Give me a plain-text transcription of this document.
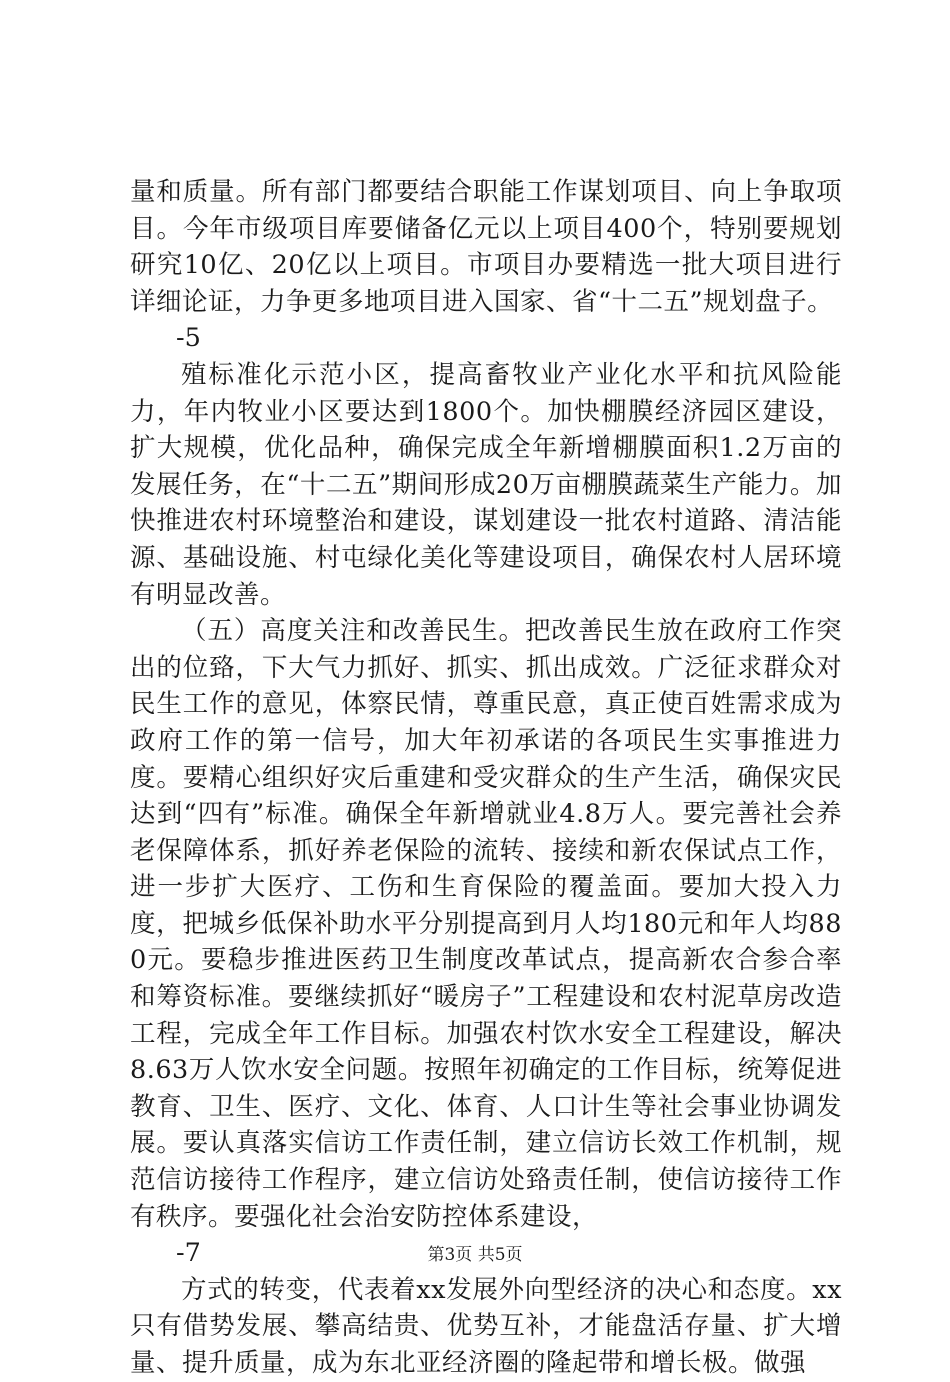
量和质量。所有部门都要结合职能工作谋划项目、向上争取项目。今年市级项目库要储备亿元以上项目400个，特别要规划研究10亿、20亿以上项目。市项目办要精选一批大项目进行详细论证，力争更多地项目进入国家、省“十二五”规划盘子。

-5

殖标准化示范小区，提高畜牧业产业化水平和抗风险能力，年内牧业小区要达到1800个。加快棚膜经济园区建设，扩大规模，优化品种，确保完成全年新增棚膜面积1.2万亩的发展任务，在“十二五”期间形成20万亩棚膜蔬菜生产能力。加快推进农村环境整治和建设，谋划建设一批农村道路、清洁能源、基础设施、村屯绿化美化等建设项目，确保农村人居环境有明显改善。

（五）高度关注和改善民生。把改善民生放在政府工作突出的位臵，下大气力抓好、抓实、抓出成效。广泛征求群众对民生工作的意见，体察民情，尊重民意，真正使百姓需求成为政府工作的第一信号，加大年初承诺的各项民生实事推进力度。要精心组织好灾后重建和受灾群众的生产生活，确保灾民达到“四有”标准。确保全年新增就业4.8万人。要完善社会养老保障体系，抓好养老保险的流转、接续和新农保试点工作，进一步扩大医疗、工伤和生育保险的覆盖面。要加大投入力度，把城乡低保补助水平分别提高到月人均180元和年人均880元。要稳步推进医药卫生制度改革试点，提高新农合参合率和筹资标准。要继续抓好“暖房子”工程建设和农村泥草房改造工程，完成全年工作目标。加强农村饮水安全工程建设，解决8.63万人饮水安全问题。按照年初确定的工作目标，统筹促进教育、卫生、医疗、文化、体育、人口计生等社会事业协调发展。要认真落实信访工作责任制，建立信访长效工作机制，规范信访接待工作程序，建立信访处臵责任制，使信访接待工作有秩序。要强化社会治安防控体系建设，

-7

方式的转变，代表着xx发展外向型经济的决心和态度。xx只有借势发展、攀高结贵、优势互补，才能盘活存量、扩大增量、提升质量，成为东北亚经济圈的隆起带和增长极。做强

第3页 共5页
